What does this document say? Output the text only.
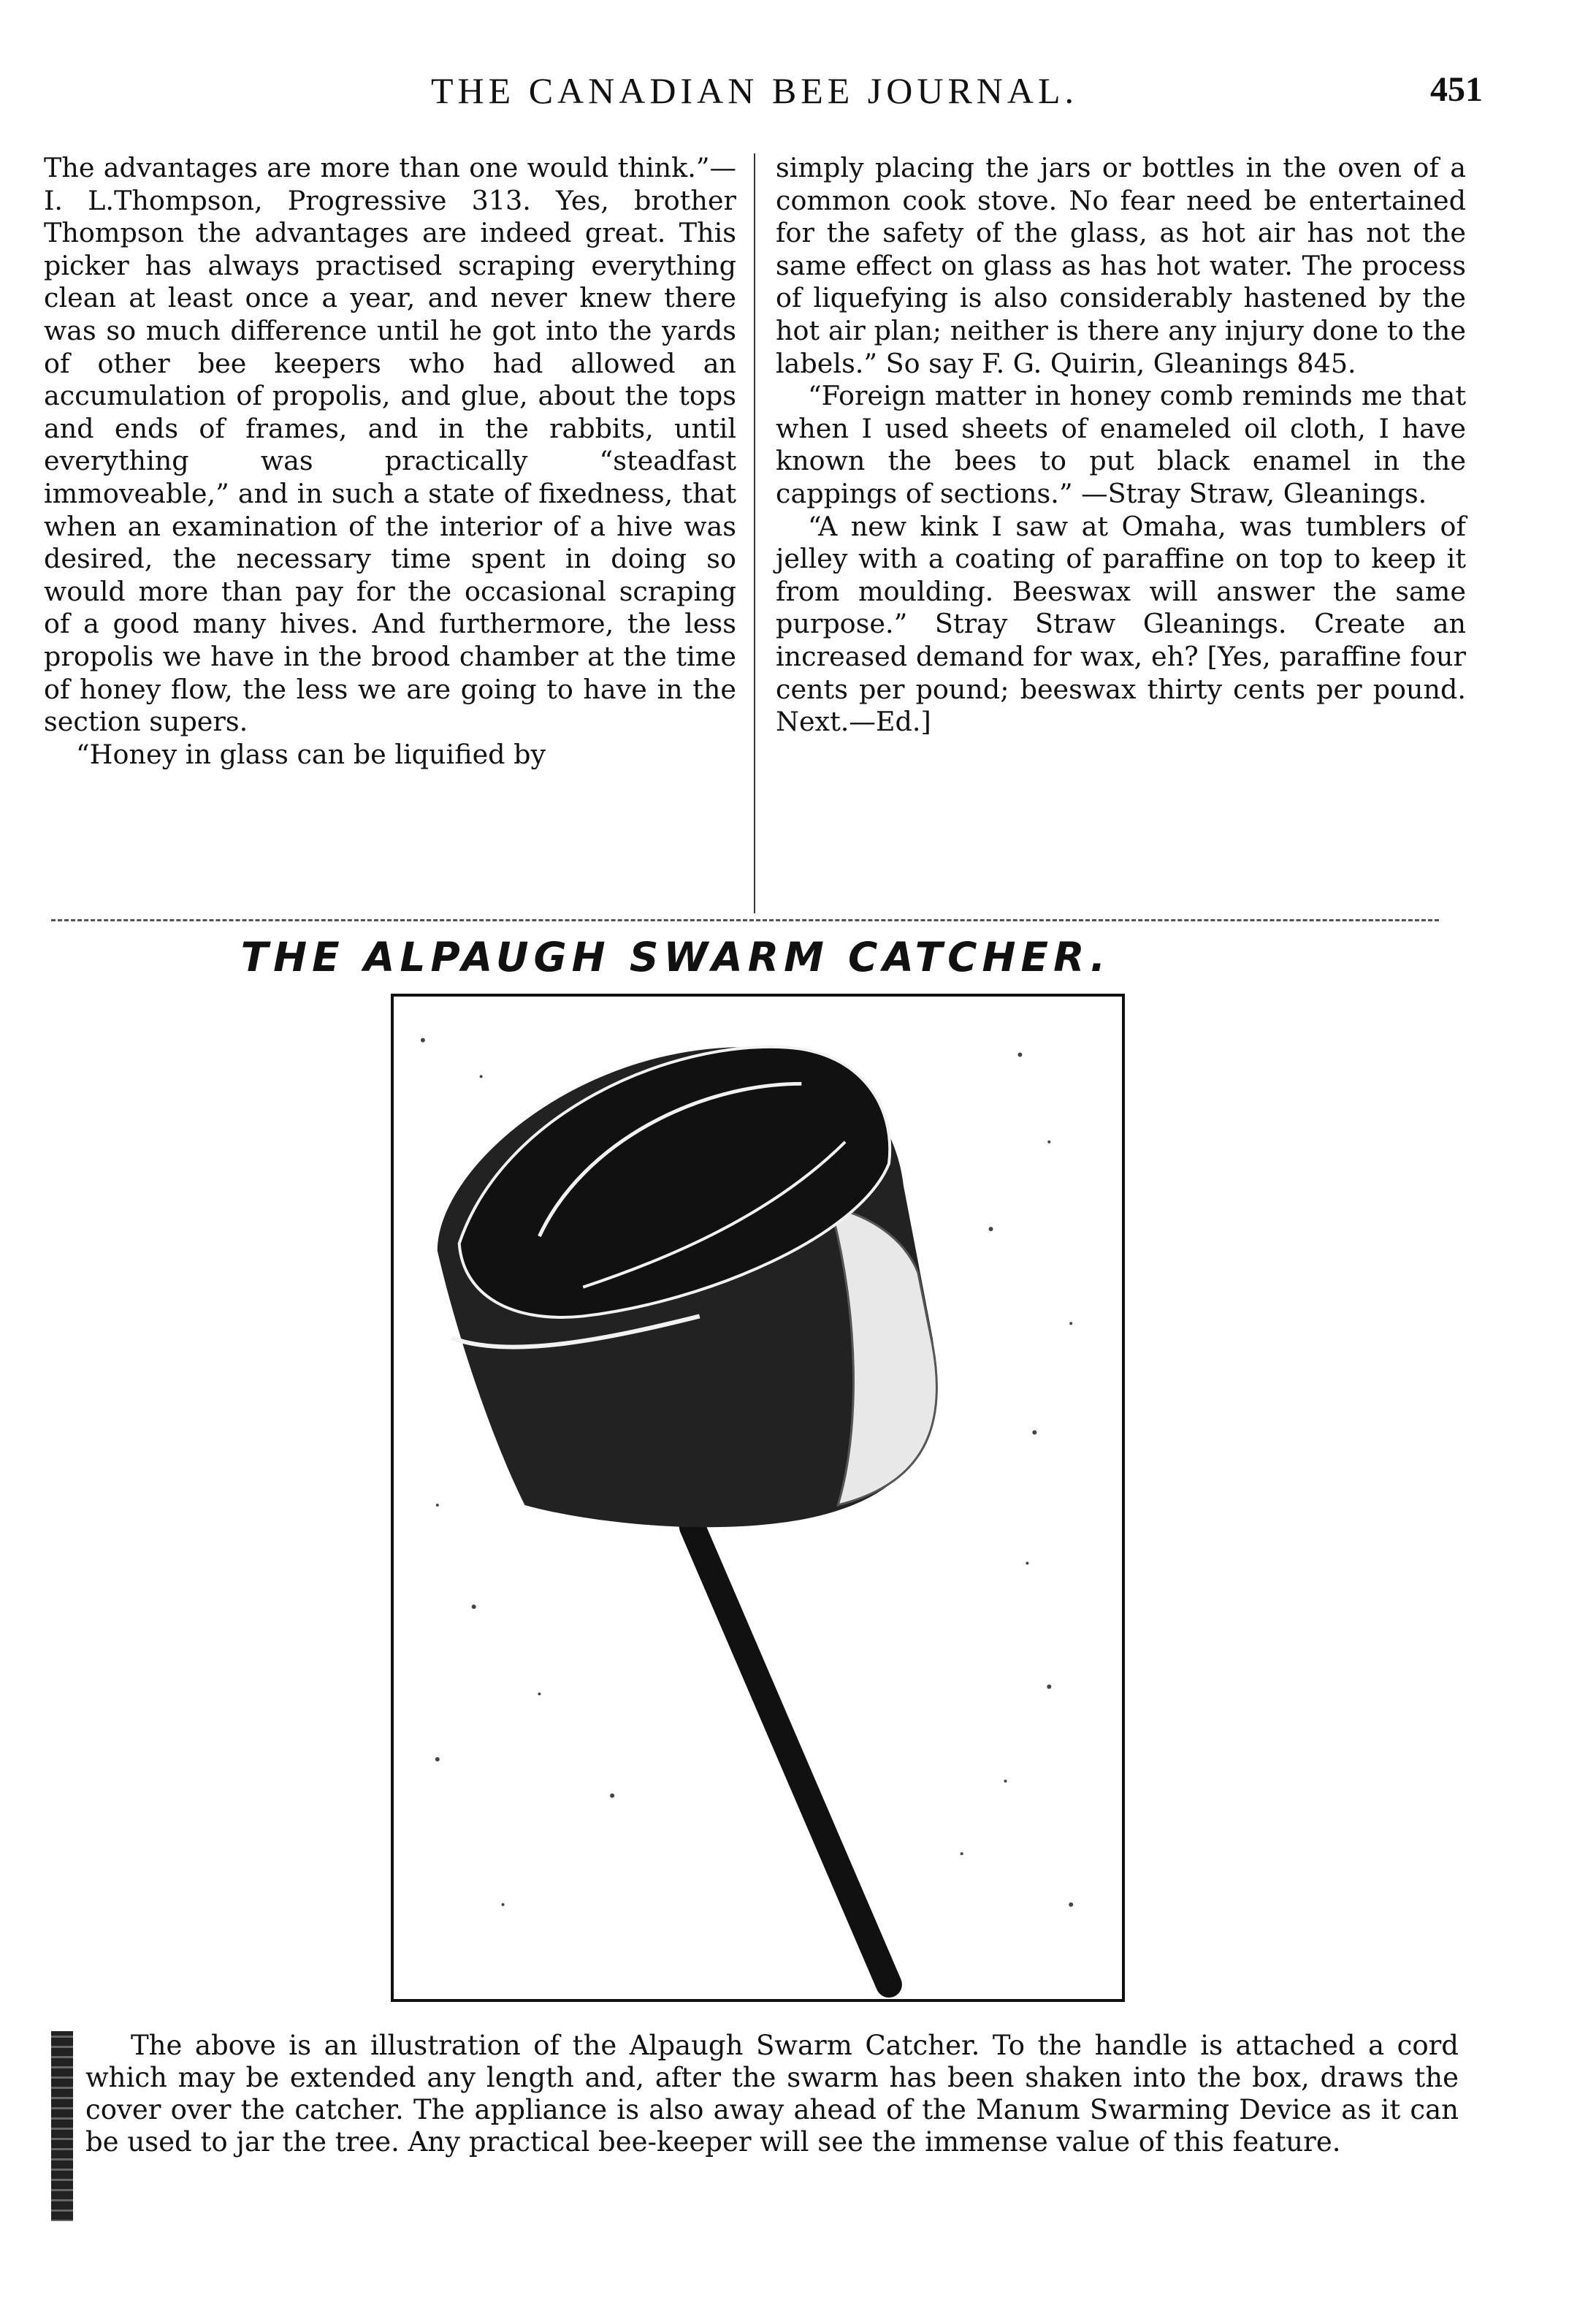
THE CANADIAN BEE JOURNAL.	451

The advantages are more than one would think.”—I. L.Thompson, Progressive 313. Yes, brother Thompson the advantages are indeed great. This picker has always practised scraping everything clean at least once a year, and never knew there was so much difference until he got into the yards of other bee keepers who had allowed an accumulation of propolis, and glue, about the tops and ends of frames, and in the rabbits, until everything was practically “steadfast immoveable,” and in such a state of fixedness, that when an examination of the interior of a hive was desired, the necessary time spent in doing so would more than pay for the occasional scraping of a good many hives. And furthermore, the less propolis we have in the brood chamber at the time of honey flow, the less we are going to have in the section supers.

“Honey in glass can be liquified by

simply placing the jars or bottles in the oven of a common cook stove. No fear need be entertained for the safety of the glass, as hot air has not the same effect on glass as has hot water. The process of liquefying is also considerably hastened by the hot air plan; neither is there any injury done to the labels.” So say F. G. Quirin, Gleanings 845.

“Foreign matter in honey comb reminds me that when I used sheets of enameled oil cloth, I have known the bees to put black enamel in the cappings of sections.” —Stray Straw, Gleanings.

“A new kink I saw at Omaha, was tumblers of jelley with a coating of paraffine on top to keep it from moulding. Beeswax will answer the same purpose.” Stray Straw Gleanings. Create an increased demand for wax, eh? [Yes, paraffine four cents per pound; beeswax thirty cents per pound. Next.—Ed.]

THE ALPAUGH SWARM CATCHER.

The above is an illustration of the Alpaugh Swarm Catcher. To the handle is attached a cord which may be extended any length and, after the swarm has been shaken into the box, draws the cover over the catcher. The appliance is also away ahead of the Manum Swarming Device as it can be used to jar the tree. Any practical bee-keeper will see the immense value of this feature.
